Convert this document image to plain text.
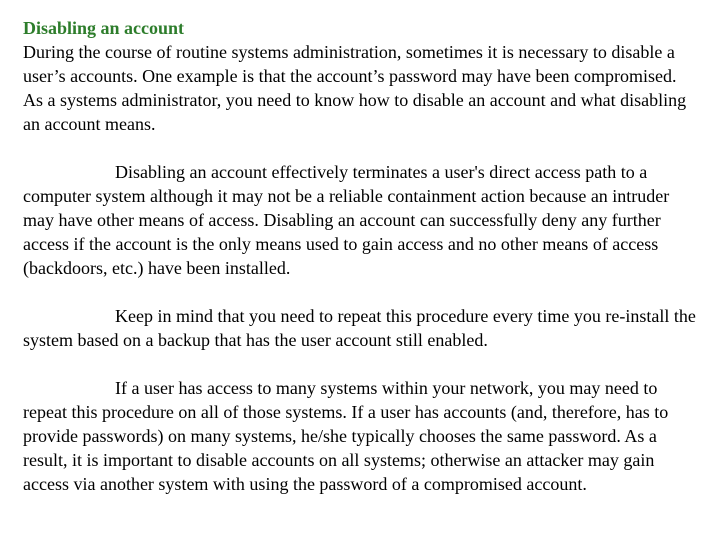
Disabling an account

During the course of routine systems administration, sometimes it is necessary to disable a user’s accounts. One example is that the account’s password may have been compromised. As a systems administrator, you need to know how to disable an account and what disabling an account means.

Disabling an account effectively terminates a user's direct access path to a computer system although it may not be a reliable containment action because an intruder may have other means of access. Disabling an account can successfully deny any further access if the account is the only means used to gain access and no other means of access (backdoors, etc.) have been installed.

Keep in mind that you need to repeat this procedure every time you re-install the system based on a backup that has the user account still enabled.

If a user has access to many systems within your network, you may need to repeat this procedure on all of those systems. If a user has accounts (and, therefore, has to provide passwords) on many systems, he/she typically chooses the same password. As a result, it is important to disable accounts on all systems; otherwise an attacker may gain access via another system with using the password of a compromised account.
